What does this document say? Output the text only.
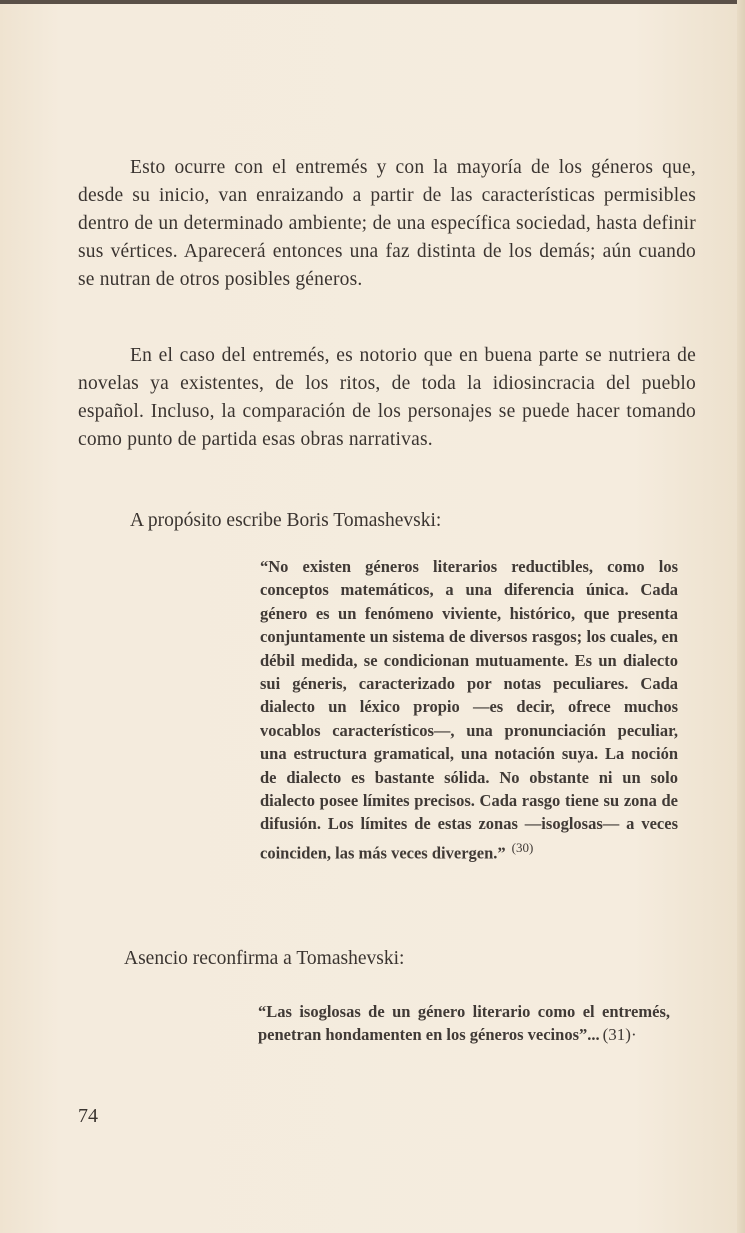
Esto ocurre con el entremés y con la mayoría de los géneros que, desde su inicio, van enraizando a partir de las características permisibles dentro de un determinado ambiente; de una específica sociedad, hasta definir sus vértices. Aparecerá entonces una faz distinta de los demás; aún cuando se nutran de otros posibles géneros.

En el caso del entremés, es notorio que en buena parte se nutriera de novelas ya existentes, de los ritos, de toda la idiosincracia del pueblo español. Incluso, la comparación de los personajes se puede hacer tomando como punto de partida esas obras narrativas.

A propósito escribe Boris Tomashevski:

“No existen géneros literarios reductibles, como los conceptos matemáticos, a una diferencia única. Cada género es un fenómeno viviente, histórico, que presenta conjuntamente un sistema de diversos rasgos; los cuales, en débil medida, se condicionan mutuamente. Es un dialecto sui géneris, caracterizado por notas peculiares. Cada dialecto un léxico propio —es decir, ofrece muchos vocablos característicos—, una pronunciación peculiar, una estructura gramatical, una notación suya. La noción de dialecto es bastante sólida. No obstante ni un solo dialecto posee límites precisos. Cada rasgo tiene su zona de difusión. Los límites de estas zonas —isoglosas— a veces coinciden, las más veces divergen.” $^{(30)}$

Asencio reconfirma a Tomashevski:

“Las isoglosas de un género literario como el entremés, penetran hondamenten en los géneros vecinos”... (31)·

74
